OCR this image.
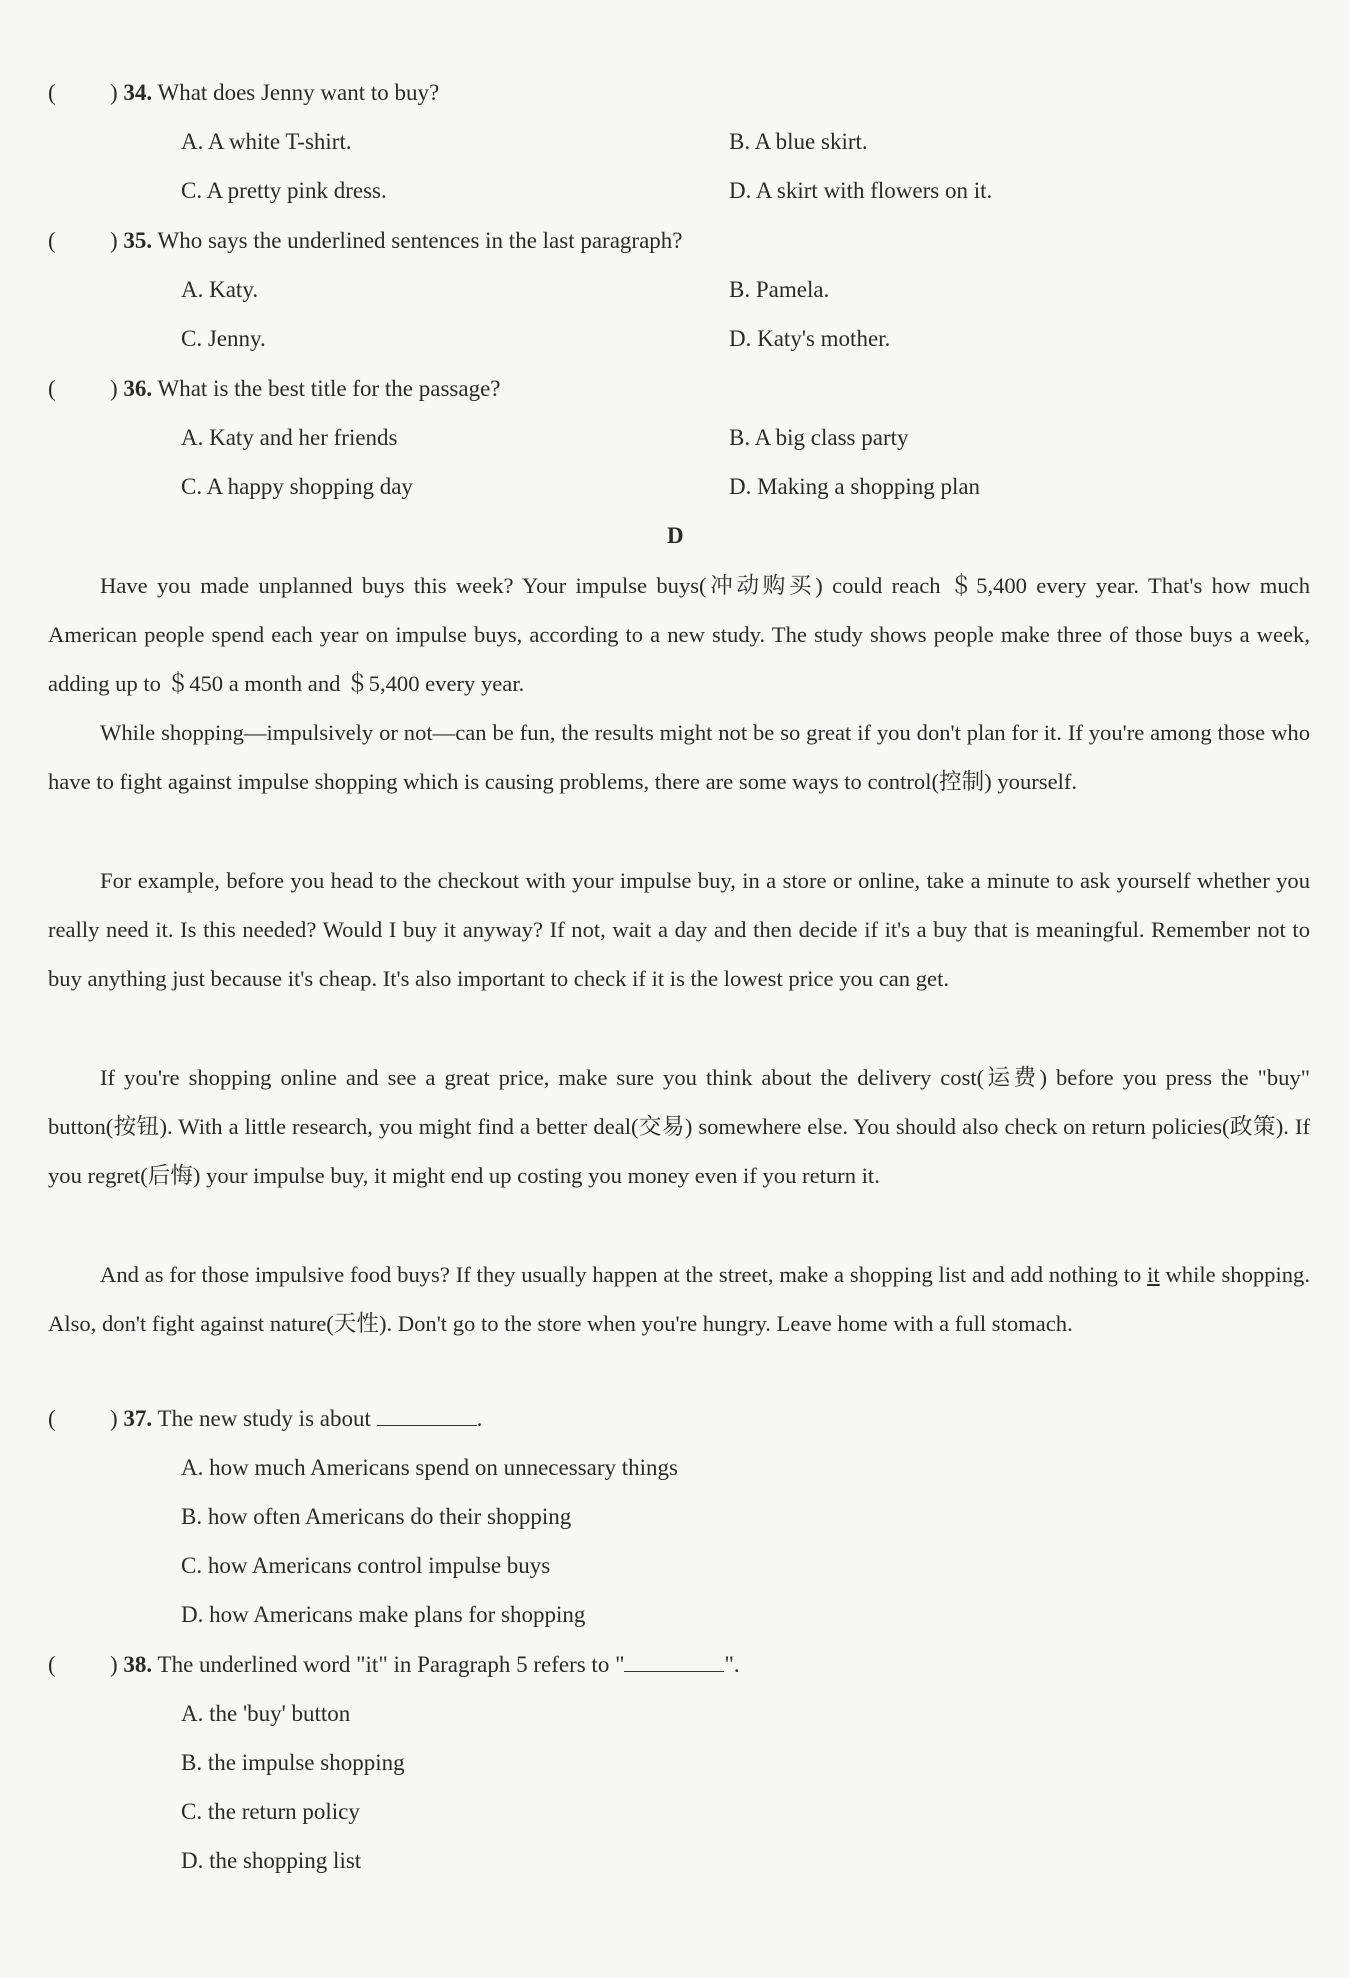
( ) 34. What does Jenny want to buy?
A. A white T-shirt.	B. A blue skirt.
C. A pretty pink dress.	D. A skirt with flowers on it.
( ) 35. Who says the underlined sentences in the last paragraph?
A. Katy.	B. Pamela.
C. Jenny.	D. Katy's mother.
( ) 36. What is the best title for the passage?
A. Katy and her friends	B. A big class party
C. A happy shopping day	D. Making a shopping plan
D
Have you made unplanned buys this week? Your impulse buys(冲动购买) could reach ＄5,400 every year. That's how much American people spend each year on impulse buys, according to a new study. The study shows people make three of those buys a week, adding up to ＄450 a month and ＄5,400 every year.
While shopping—impulsively or not—can be fun, the results might not be so great if you don't plan for it. If you're among those who have to fight against impulse shopping which is causing problems, there are some ways to control(控制) yourself.
For example, before you head to the checkout with your impulse buy, in a store or online, take a minute to ask yourself whether you really need it. Is this needed? Would I buy it anyway? If not, wait a day and then decide if it's a buy that is meaningful. Remember not to buy anything just because it's cheap. It's also important to check if it is the lowest price you can get.
If you're shopping online and see a great price, make sure you think about the delivery cost(运费) before you press the "buy" button(按钮). With a little research, you might find a better deal(交易) somewhere else. You should also check on return policies(政策). If you regret(后悔) your impulse buy, it might end up costing you money even if you return it.
And as for those impulsive food buys? If they usually happen at the street, make a shopping list and add nothing to it while shopping. Also, don't fight against nature(天性). Don't go to the store when you're hungry. Leave home with a full stomach.
( ) 37. The new study is about	.
A. how much Americans spend on unnecessary things
B. how often Americans do their shopping
C. how Americans control impulse buys
D. how Americans make plans for shopping
( ) 38. The underlined word "it" in Paragraph 5 refers to "	".
A. the 'buy' button
B. the impulse shopping
C. the return policy
D. the shopping list
